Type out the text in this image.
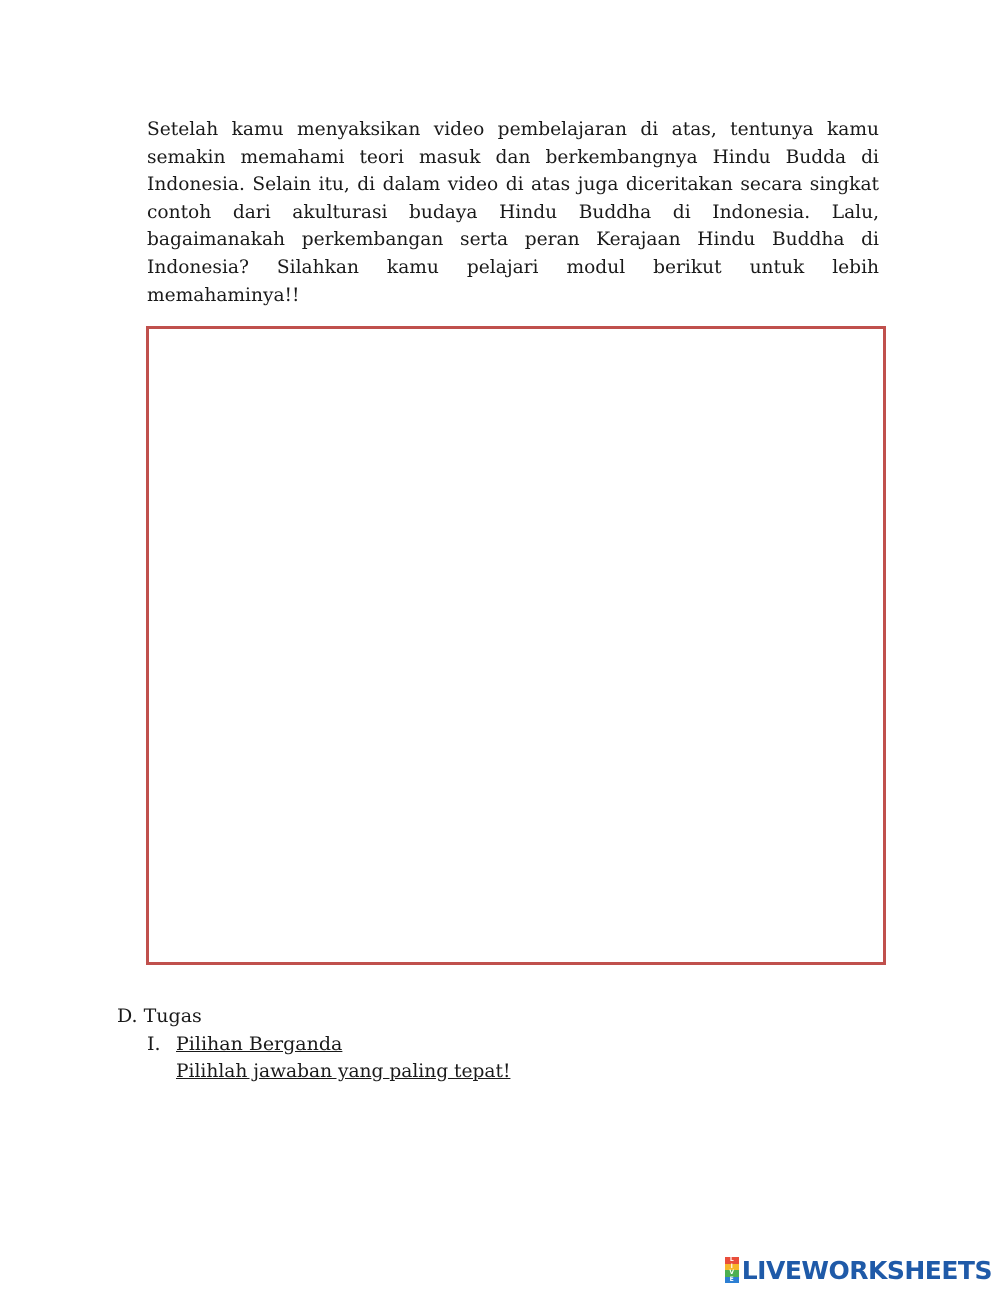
Setelah kamu menyaksikan video pembelajaran di atas, tentunya kamu semakin memahami teori masuk dan berkembangnya Hindu Budda di Indonesia. Selain itu, di dalam video di atas juga diceritakan secara singkat contoh dari akulturasi budaya Hindu Buddha di Indonesia. Lalu, bagaimanakah perkembangan serta peran Kerajaan Hindu Buddha di Indonesia? Silahkan kamu pelajari modul berikut untuk lebih memahaminya!!

D. Tugas
I. Pilihan Berganda
Pilihlah jawaban yang paling tepat!
L
I
V
E LIVEWORKSHEETS
